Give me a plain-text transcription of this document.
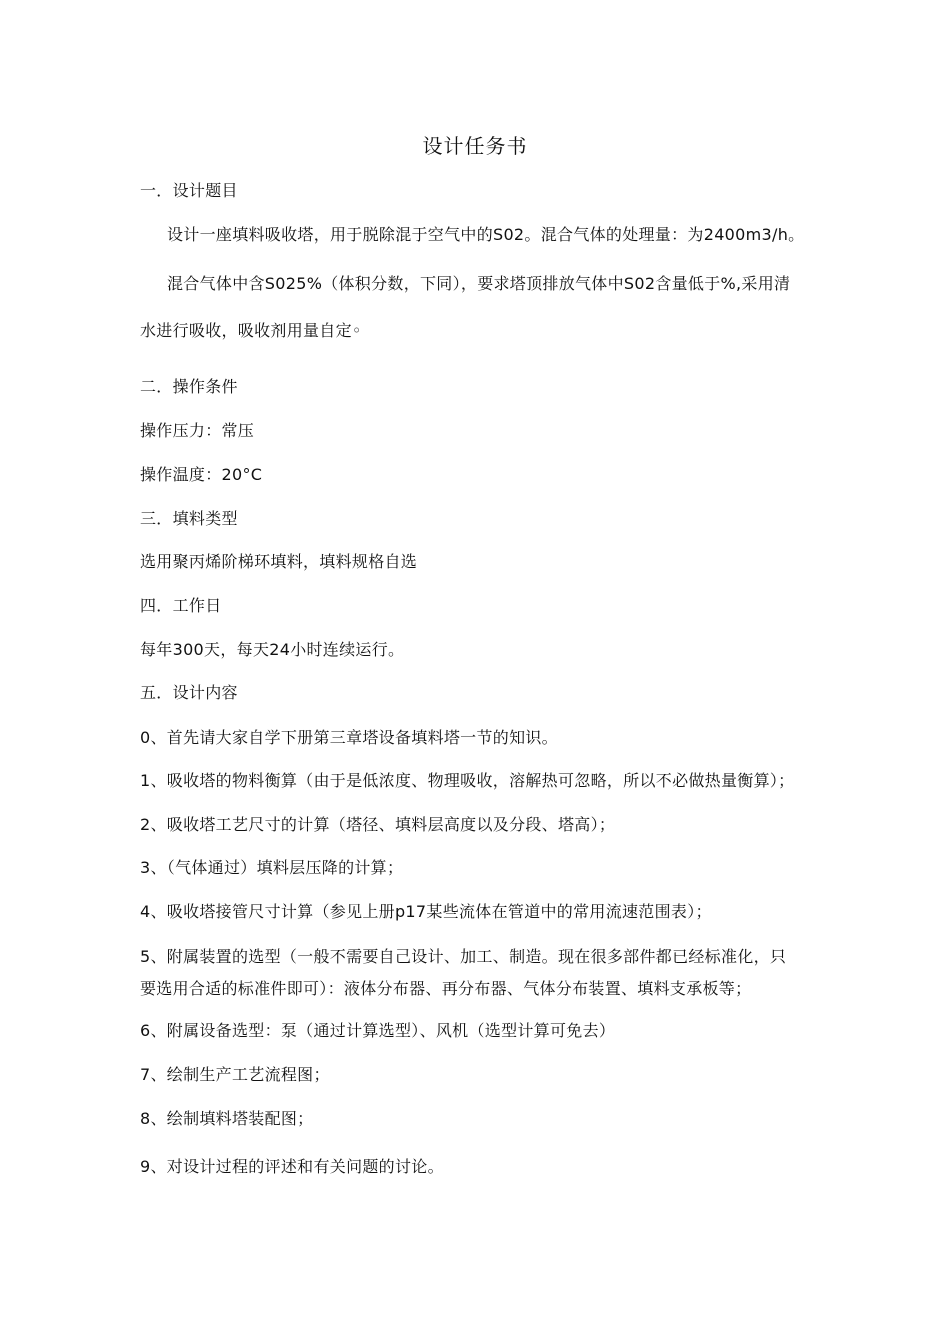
设计任务书
一．设计题目
设计一座填料吸收塔，用于脱除混于空气中的S02。混合气体的处理量：为2400m3/h。
混合气体中含S025%（体积分数，下同），要求塔顶排放气体中S02含量低于%,采用清
水进行吸收，吸收剂用量自定◦
二．操作条件
操作压力：常压
操作温度：20°C
三．填料类型
选用聚丙烯阶梯环填料，填料规格自选
四．工作日
每年300天，每天24小时连续运行。
五．设计内容
0、首先请大家自学下册第三章塔设备填料塔一节的知识。
1、吸收塔的物料衡算（由于是低浓度、物理吸收，溶解热可忽略，所以不必做热量衡算）；
2、吸收塔工艺尺寸的计算（塔径、填料层高度以及分段、塔高）；
3、（气体通过）填料层压降的计算；
4、吸收塔接管尺寸计算（参见上册p17某些流体在管道中的常用流速范围表）；
5、附属装置的选型（一般不需要自己设计、加工、制造。现在很多部件都已经标准化，只
要选用合适的标准件即可）：液体分布器、再分布器、气体分布装置、填料支承板等；
6、附属设备选型：泵（通过计算选型）、风机（选型计算可免去）
7、绘制生产工艺流程图；
8、绘制填料塔装配图；
9、对设计过程的评述和有关问题的讨论。
